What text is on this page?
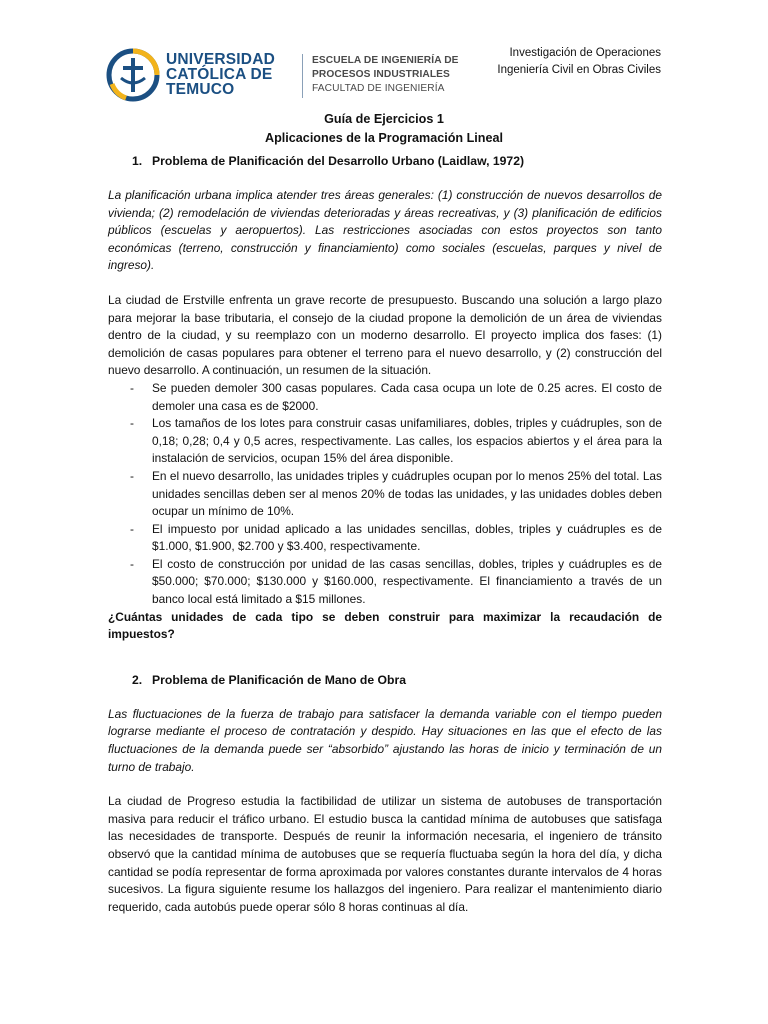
UNIVERSIDAD
CATÓLICA DE
TEMUCO
ESCUELA DE INGENIERÍA DE
PROCESOS INDUSTRIALES
FACULTAD DE INGENIERÍA
Investigación de Operaciones
Ingeniería Civil en Obras Civiles
Guía de Ejercicios 1
Aplicaciones de la Programación Lineal
1. Problema de Planificación del Desarrollo Urbano (Laidlaw, 1972)

La planificación urbana implica atender tres áreas generales: (1) construcción de nuevos desarrollos de vivienda; (2) remodelación de viviendas deterioradas y áreas recreativas, y (3) planificación de edificios públicos (escuelas y aeropuertos). Las restricciones asociadas con estos proyectos son tanto económicas (terreno, construcción y financiamiento) como sociales (escuelas, parques y nivel de ingreso).

La ciudad de Erstville enfrenta un grave recorte de presupuesto. Buscando una solución a largo plazo para mejorar la base tributaria, el consejo de la ciudad propone la demolición de un área de viviendas dentro de la ciudad, y su reemplazo con un moderno desarrollo. El proyecto implica dos fases: (1) demolición de casas populares para obtener el terreno para el nuevo desarrollo, y (2) construcción del nuevo desarrollo. A continuación, un resumen de la situación.

- Se pueden demoler 300 casas populares. Cada casa ocupa un lote de 0.25 acres. El costo de demoler una casa es de $2000.
- Los tamaños de los lotes para construir casas unifamiliares, dobles, triples y cuádruples, son de 0,18; 0,28; 0,4 y 0,5 acres, respectivamente. Las calles, los espacios abiertos y el área para la instalación de servicios, ocupan 15% del área disponible.
- En el nuevo desarrollo, las unidades triples y cuádruples ocupan por lo menos 25% del total. Las unidades sencillas deben ser al menos 20% de todas las unidades, y las unidades dobles deben ocupar un mínimo de 10%.
- El impuesto por unidad aplicado a las unidades sencillas, dobles, triples y cuádruples es de $1.000, $1.900, $2.700 y $3.400, respectivamente.
- El costo de construcción por unidad de las casas sencillas, dobles, triples y cuádruples es de $50.000; $70.000; $130.000 y $160.000, respectivamente. El financiamiento a través de un banco local está limitado a $15 millones.

¿Cuántas unidades de cada tipo se deben construir para maximizar la recaudación de impuestos?

2. Problema de Planificación de Mano de Obra

Las fluctuaciones de la fuerza de trabajo para satisfacer la demanda variable con el tiempo pueden lograrse mediante el proceso de contratación y despido. Hay situaciones en las que el efecto de las fluctuaciones de la demanda puede ser “absorbido” ajustando las horas de inicio y terminación de un turno de trabajo.

La ciudad de Progreso estudia la factibilidad de utilizar un sistema de autobuses de transportación masiva para reducir el tráfico urbano. El estudio busca la cantidad mínima de autobuses que satisfaga las necesidades de transporte. Después de reunir la información necesaria, el ingeniero de tránsito observó que la cantidad mínima de autobuses que se requería fluctuaba según la hora del día, y dicha cantidad se podía representar de forma aproximada por valores constantes durante intervalos de 4 horas sucesivos. La figura siguiente resume los hallazgos del ingeniero. Para realizar el mantenimiento diario requerido, cada autobús puede operar sólo 8 horas continuas al día.
